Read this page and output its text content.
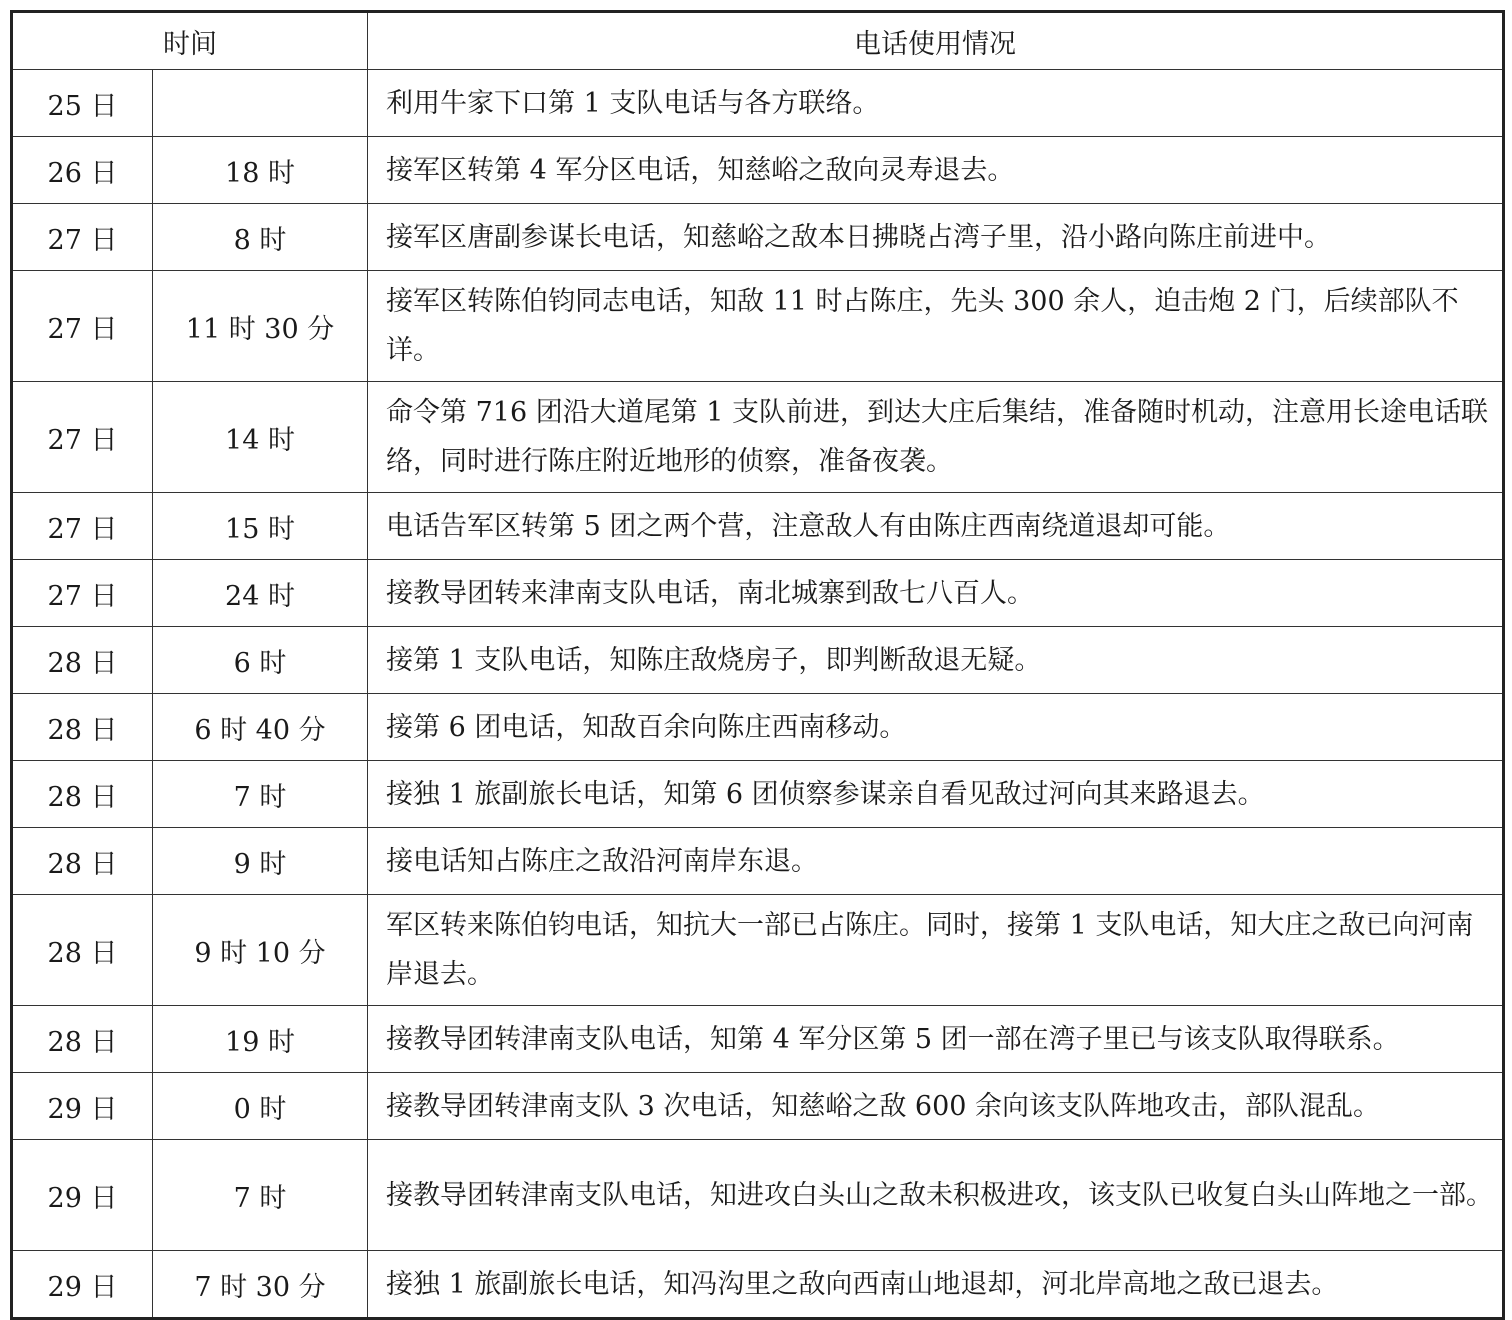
时间		电话使用情况
25 日		利用牛家下口第 1 支队电话与各方联络。
26 日	18 时	接军区转第 4 军分区电话，知慈峪之敌向灵寿退去。
27 日	8 时	接军区唐副参谋长电话，知慈峪之敌本日拂晓占湾子里，沿小路向陈庄前进中。
27 日	11 时 30 分	接军区转陈伯钧同志电话，知敌 11 时占陈庄，先头 300 余人，迫击炮 2 门，后续部队不详。
27 日	14 时	命令第 716 团沿大道尾第 1 支队前进，到达大庄后集结，准备随时机动，注意用长途电话联络，同时进行陈庄附近地形的侦察，准备夜袭。
27 日	15 时	电话告军区转第 5 团之两个营，注意敌人有由陈庄西南绕道退却可能。
27 日	24 时	接教导团转来津南支队电话，南北城寨到敌七八百人。
28 日	6 时	接第 1 支队电话，知陈庄敌烧房子，即判断敌退无疑。
28 日	6 时 40 分	接第 6 团电话，知敌百余向陈庄西南移动。
28 日	7 时	接独 1 旅副旅长电话，知第 6 团侦察参谋亲自看见敌过河向其来路退去。
28 日	9 时	接电话知占陈庄之敌沿河南岸东退。
28 日	9 时 10 分	军区转来陈伯钧电话，知抗大一部已占陈庄。同时，接第 1 支队电话，知大庄之敌已向河南岸退去。
28 日	19 时	接教导团转津南支队电话，知第 4 军分区第 5 团一部在湾子里已与该支队取得联系。
29 日	0 时	接教导团转津南支队 3 次电话，知慈峪之敌 600 余向该支队阵地攻击，部队混乱。
29 日	7 时	接教导团转津南支队电话，知进攻白头山之敌未积极进攻，该支队已收复白头山阵地之一部。
29 日	7 时 30 分	接独 1 旅副旅长电话，知冯沟里之敌向西南山地退却，河北岸高地之敌已退去。
